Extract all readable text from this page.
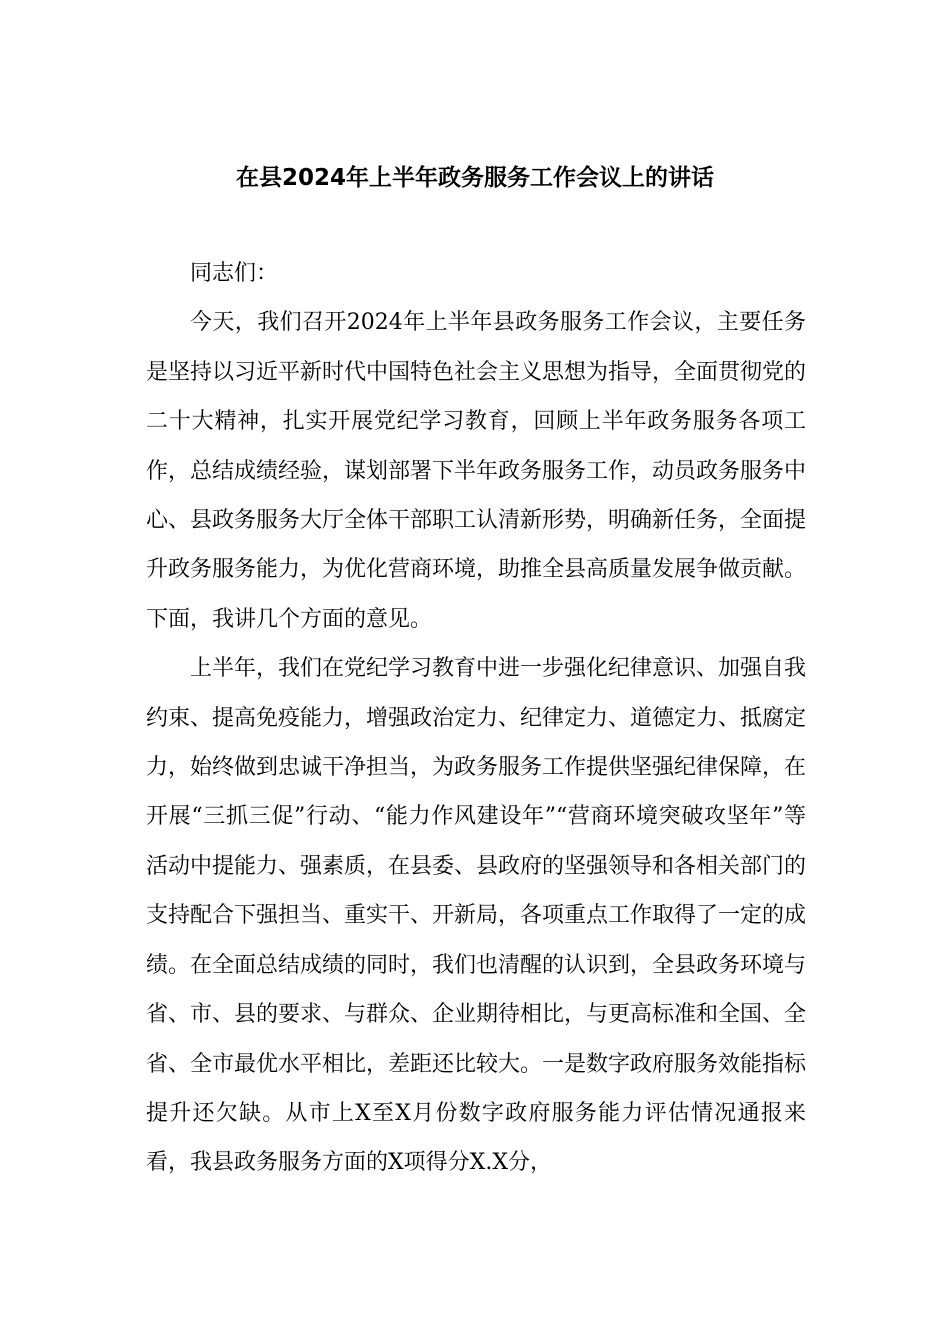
在县2024年上半年政务服务工作会议上的讲话

同志们：

今天，我们召开2024年上半年县政务服务工作会议，主要任务是坚持以习近平新时代中国特色社会主义思想为指导，全面贯彻党的二十大精神，扎实开展党纪学习教育，回顾上半年政务服务各项工作，总结成绩经验，谋划部署下半年政务服务工作，动员政务服务中心、县政务服务大厅全体干部职工认清新形势，明确新任务，全面提升政务服务能力，为优化营商环境，助推全县高质量发展争做贡献。下面，我讲几个方面的意见。

上半年，我们在党纪学习教育中进一步强化纪律意识、加强自我约束、提高免疫能力，增强政治定力、纪律定力、道德定力、抵腐定力，始终做到忠诚干净担当，为政务服务工作提供坚强纪律保障，在开展“三抓三促”行动、“能力作风建设年”“营商环境突破攻坚年”等活动中提能力、强素质，在县委、县政府的坚强领导和各相关部门的支持配合下强担当、重实干、开新局，各项重点工作取得了一定的成绩。在全面总结成绩的同时，我们也清醒的认识到，全县政务环境与省、市、县的要求、与群众、企业期待相比，与更高标准和全国、全省、全市最优水平相比，差距还比较大。一是数字政府服务效能指标提升还欠缺。从市上X至X月份数字政府服务能力评估情况通报来看，我县政务服务方面的X项得分X.X分，
